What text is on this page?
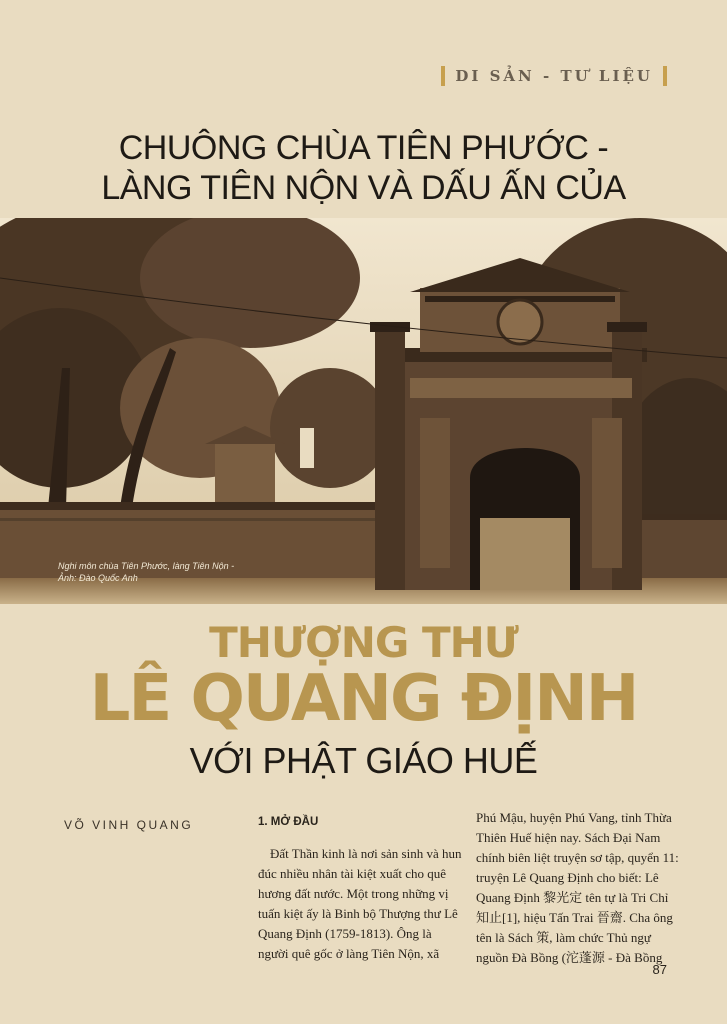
DI SẢN - TƯ LIỆU
CHUÔNG CHÙA TIÊN PHƯỚC -
LÀNG TIÊN NỘN VÀ DẤU ẤN CỦA
Nghi môn chùa Tiên Phước, làng Tiên Nộn -
Ảnh: Đào Quốc Anh
THƯỢNG THƯ
LÊ QUANG ĐỊNH
VỚI PHẬT GIÁO HUẾ
VÕ VINH QUANG	1. MỞ ĐẦU
Đất Thần kinh là nơi sản sinh và hun
đúc nhiều nhân tài kiệt xuất cho quê
hương đất nước. Một trong những vị
tuấn kiệt ấy là Binh bộ Thượng thư Lê
Quang Định (1759-1813). Ông là
người quê gốc ở làng Tiên Nộn, xã
Phú Mậu, huyện Phú Vang, tỉnh Thừa
Thiên Huế hiện nay. Sách Đại Nam
chính biên liệt truyện sơ tập, quyển 11:
truyện Lê Quang Định cho biết: Lê
Quang Định 黎光定 tên tự là Tri Chỉ
知止[1], hiệu Tấn Trai 晉齋. Cha ông
tên là Sách 策, làm chức Thủ ngự
nguồn Đà Bồng (沱蓬源 - Đà Bồng
87
